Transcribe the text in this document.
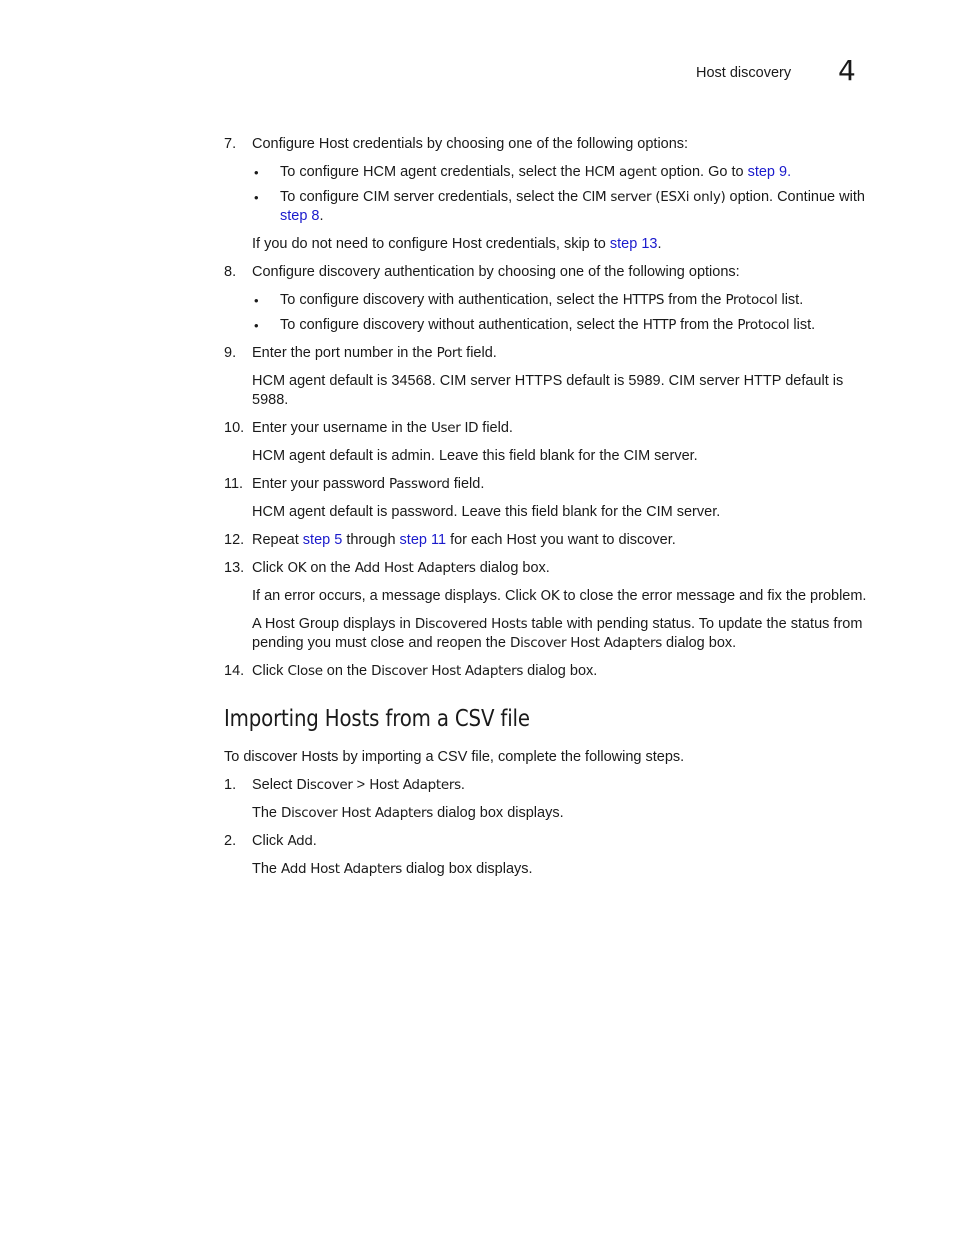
Host discovery 4
7. Configure Host credentials by choosing one of the following options:
• To configure HCM agent credentials, select the HCM agent option. Go to step 9.
• To configure CIM server credentials, select the CIM server (ESXi only) option. Continue with
step 8.
If you do not need to configure Host credentials, skip to step 13.
8. Configure discovery authentication by choosing one of the following options:
• To configure discovery with authentication, select the HTTPS from the Protocol list.
• To configure discovery without authentication, select the HTTP from the Protocol list.
9. Enter the port number in the Port field.
HCM agent default is 34568. CIM server HTTPS default is 5989. CIM server HTTP default is
5988.
10. Enter your username in the User ID field.
HCM agent default is admin. Leave this field blank for the CIM server.
11. Enter your password Password field.
HCM agent default is password. Leave this field blank for the CIM server.
12. Repeat step 5 through step 11 for each Host you want to discover.
13. Click OK on the Add Host Adapters dialog box.
If an error occurs, a message displays. Click OK to close the error message and fix the problem.
A Host Group displays in Discovered Hosts table with pending status. To update the status from
pending you must close and reopen the Discover Host Adapters dialog box.
14. Click Close on the Discover Host Adapters dialog box.
Importing Hosts from a CSV file
To discover Hosts by importing a CSV file, complete the following steps.
1. Select Discover > Host Adapters.
The Discover Host Adapters dialog box displays.
2. Click Add.
The Add Host Adapters dialog box displays.
